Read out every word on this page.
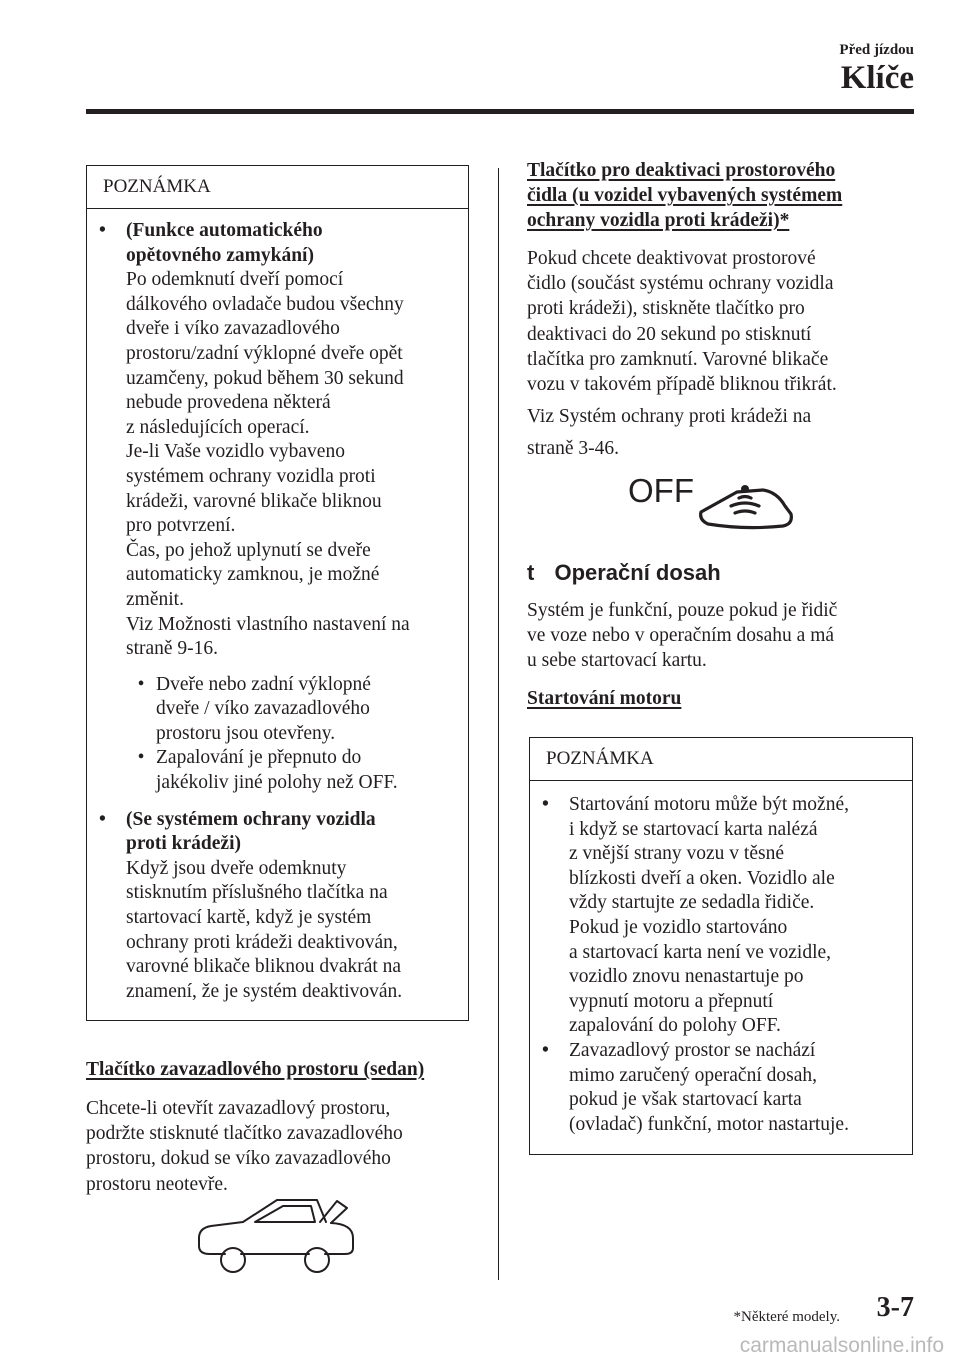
Před jízdou
Klíče
POZNÁMKA
•	(Funkce automatického
opětovného zamykání)
Po odemknutí dveří pomocí
dálkového ovladače budou všechny
dveře i víko zavazadlového
prostoru/zadní výklopné dveře opět
uzamčeny, pokud během 30 sekund
nebude provedena některá
z následujících operací.
Je-li Vaše vozidlo vybaveno
systémem ochrany vozidla proti
krádeži, varovné blikače bliknou
pro potvrzení.
Čas, po jehož uplynutí se dveře
automaticky zamknou, je možné
změnit.
Viz Možnosti vlastního nastavení na
straně 9-16.
• Dveře nebo zadní výklopné
dveře / víko zavazadlového
prostoru jsou otevřeny.
• Zapalování je přepnuto do
jakékoliv jiné polohy než OFF.
•	(Se systémem ochrany vozidla
proti krádeži)
Když jsou dveře odemknuty
stisknutím příslušného tlačítka na
startovací kartě, když je systém
ochrany proti krádeži deaktivován,
varovné blikače bliknou dvakrát na
znamení, že je systém deaktivován.
Tlačítko zavazadlového prostoru (sedan)
Chcete-li otevřít zavazadlový prostoru,
podržte stisknuté tlačítko zavazadlového
prostoru, dokud se víko zavazadlového
prostoru neotevře.
Tlačítko pro deaktivaci prostorového
čidla (u vozidel vybavených systémem
ochrany vozidla proti krádeži)*
Pokud chcete deaktivovat prostorové
čidlo (součást systému ochrany vozidla
proti krádeži), stiskněte tlačítko pro
deaktivaci do 20 sekund po stisknutí
tlačítka pro zamknutí. Varovné blikače
vozu v takovém případě bliknou třikrát.
Viz Systém ochrany proti krádeži na
straně 3-46.
OFF
t Operační dosah
Systém je funkční, pouze pokud je řidič
ve voze nebo v operačním dosahu a má
u sebe startovací kartu.
Startování motoru
POZNÁMKA
•	Startování motoru může být možné,
i když se startovací karta nalézá
z vnější strany vozu v těsné
blízkosti dveří a oken. Vozidlo ale
vždy startujte ze sedadla řidiče.
Pokud je vozidlo startováno
a startovací karta není ve vozidle,
vozidlo znovu nenastartuje po
vypnutí motoru a přepnutí
zapalování do polohy OFF.
•	Zavazadlový prostor se nachází
mimo zaručený operační dosah,
pokud je však startovací karta
(ovladač) funkční, motor nastartuje.
*Některé modely. 3-7
carmanualsonline.info
